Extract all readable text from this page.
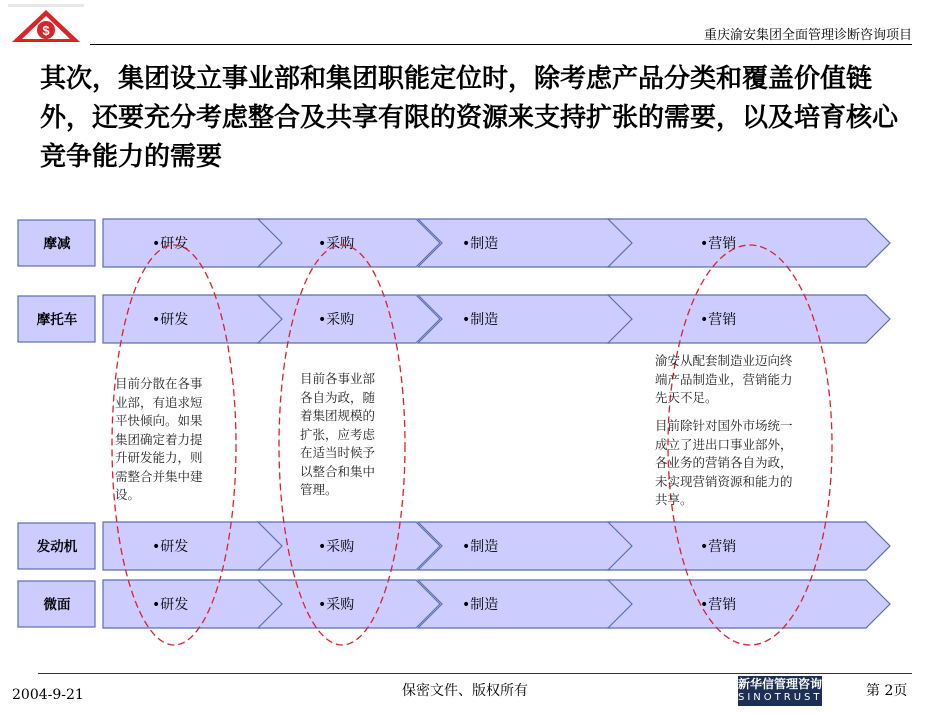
$	重庆渝安集团全面管理诊断咨询项目
其次，集团设立事业部和集团职能定位时，除考虑产品分类和覆盖价值链外，还要充分考虑整合及共享有限的资源来支持扩张的需要，以及培育核心竞争能力的需要
摩减	•研发	•采购	•制造	•营销
摩托车	•研发	•采购	•制造	•营销
发动机	•研发	•采购	•制造	•营销
微面	•研发	•采购	•制造	•营销
目前分散在各事
业部，有追求短
平快倾向。如果
集团确定着力提
升研发能力，则
需整合并集中建
设。
目前各事业部
各自为政，随
着集团规模的
扩张，应考虑
在适当时候予
以整合和集中
管理。
渝安从配套制造业迈向终
端产品制造业，营销能力
先天不足。
目前除针对国外市场统一
成立了进出口事业部外，
各业务的营销各自为政，
未实现营销资源和能力的
共享。
2004-9-21	保密文件、版权所有	新华信管理咨询
SINOTRUST	第 2页
